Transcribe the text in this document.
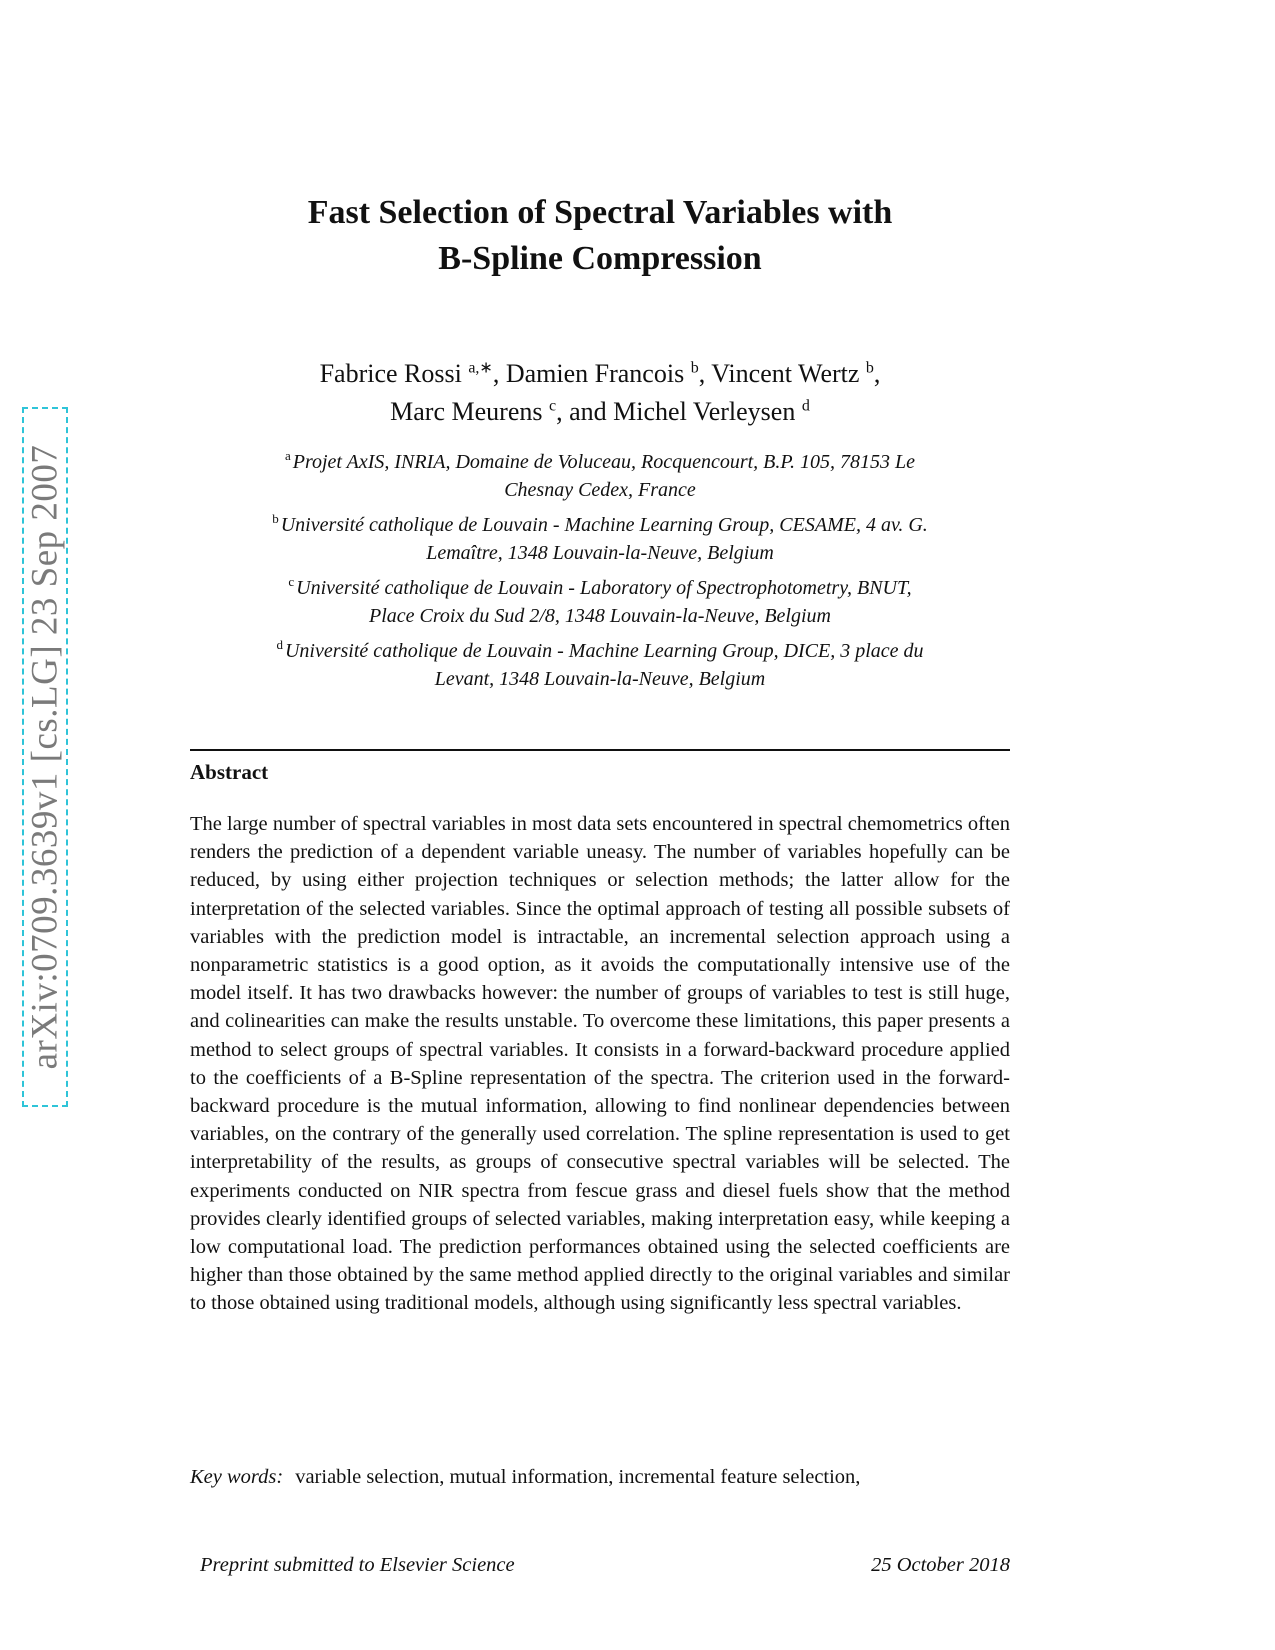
arXiv:0709.3639v1 [cs.LG] 23 Sep 2007
Fast Selection of Spectral Variables with
B-Spline Compression
Fabrice Rossi $^{a,∗}$, Damien Francois $^b$, Vincent Wertz $^b$,
Marc Meurens $^c$, and Michel Verleysen $^d$
$^a$ Projet AxIS, INRIA, Domaine de Voluceau, Rocquencourt, B.P. 105, 78153 Le
Chesnay Cedex, France
$^b$ Université catholique de Louvain - Machine Learning Group, CESAME, 4 av. G.
Lemaître, 1348 Louvain-la-Neuve, Belgium
$^c$ Université catholique de Louvain - Laboratory of Spectrophotometry, BNUT,
Place Croix du Sud 2/8, 1348 Louvain-la-Neuve, Belgium
$^d$ Université catholique de Louvain - Machine Learning Group, DICE, 3 place du
Levant, 1348 Louvain-la-Neuve, Belgium
Abstract

The large number of spectral variables in most data sets encountered in spectral chemometrics often renders the prediction of a dependent variable uneasy. The number of variables hopefully can be reduced, by using either projection techniques or selection methods; the latter allow for the interpretation of the selected variables. Since the optimal approach of testing all possible subsets of variables with the prediction model is intractable, an incremental selection approach using a nonparametric statistics is a good option, as it avoids the computationally intensive use of the model itself. It has two drawbacks however: the number of groups of variables to test is still huge, and colinearities can make the results unstable. To overcome these limitations, this paper presents a method to select groups of spectral variables. It consists in a forward-backward procedure applied to the coefficients of a B-Spline representation of the spectra. The criterion used in the forward-backward procedure is the mutual information, allowing to find nonlinear dependencies between variables, on the contrary of the generally used correlation. The spline representation is used to get interpretability of the results, as groups of consecutive spectral variables will be selected. The experiments conducted on NIR spectra from fescue grass and diesel fuels show that the method provides clearly identified groups of selected variables, making interpretation easy, while keeping a low computational load. The prediction performances obtained using the selected coefficients are higher than those obtained by the same method applied directly to the original variables and similar to those obtained using traditional models, although using significantly less spectral variables.

Key words: variable selection, mutual information, incremental feature selection,
Preprint submitted to Elsevier Science	25 October 2018
